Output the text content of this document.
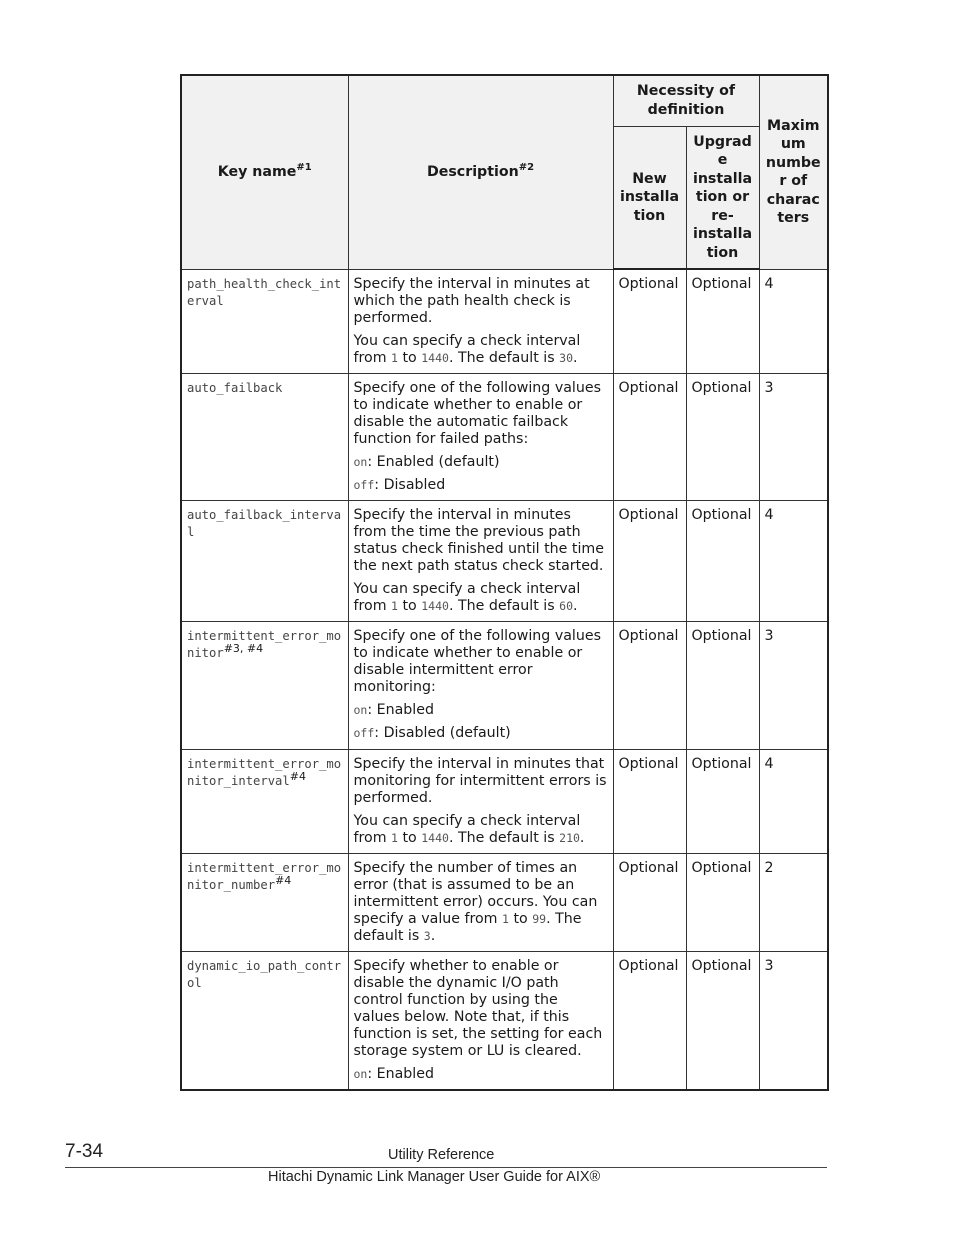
Key name$^{\#1}$	Description$^{\#2}$	Necessity of definition		Maxim um numbe r of charac ters
		New installa tion	Upgrad e installa tion or re-installa tion	
path_health_check_interval	Specify the interval in minutes at which the path health check is performed.

You can specify a check interval from 1 to 1440. The default is 30.	Optional	Optional	4
auto_failback	Specify one of the following values to indicate whether to enable or disable the automatic failback function for failed paths:

on: Enabled (default)

off: Disabled	Optional	Optional	3
auto_failback_interval	Specify the interval in minutes from the time the previous path status check finished until the time the next path status check started.

You can specify a check interval from 1 to 1440. The default is 60.	Optional	Optional	4
intermittent_error_monitor$^{\#3, \#4}$	Specify one of the following values to indicate whether to enable or disable intermittent error monitoring:

on: Enabled

off: Disabled (default)	Optional	Optional	3
intermittent_error_monitor_interval$^{\#4}$	Specify the interval in minutes that monitoring for intermittent errors is performed.

You can specify a check interval from 1 to 1440. The default is 210.	Optional	Optional	4
intermittent_error_monitor_number$^{\#4}$	Specify the number of times an error (that is assumed to be an intermittent error) occurs. You can specify a value from 1 to 99. The default is 3.	Optional	Optional	2
dynamic_io_path_control	Specify whether to enable or disable the dynamic I/O path control function by using the values below. Note that, if this function is set, the setting for each storage system or LU is cleared.

on: Enabled	Optional	Optional	3
7-34	Utility Reference
Hitachi Dynamic Link Manager User Guide for AIX®
